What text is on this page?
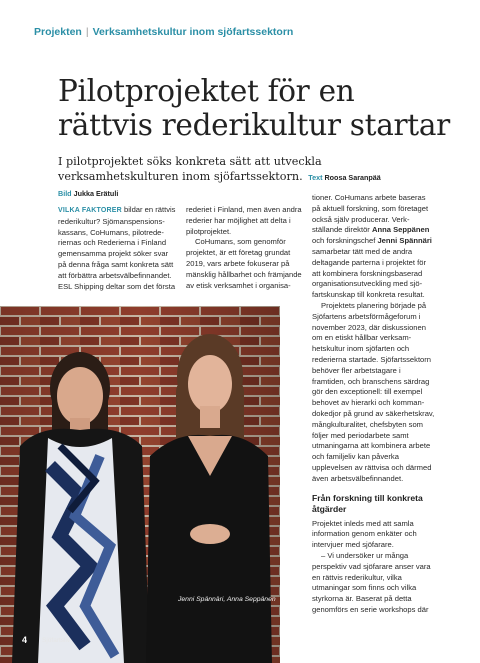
Projekten | Verksamhetskultur inom sjöfartssektorn
Pilotprojektet för en rättvis rederikultur startar
I pilotprojektet söks konkreta sätt att utveckla verksamhetskulturen inom sjöfartssektorn. Text Roosa Saranpää Bild Jukka Erätuli

VILKA FAKTORER bildar en rättvis rederikultur? Sjömanspensionskassans, CoHumans, pilotrederiernas och Rederierna i Finland gemensamma projekt söker svar på denna fråga samt konkreta sätt att förbättra arbetsvälbefinnandet. ESL Shipping deltar som det första

rederiet i Finland, men även andra rederier har möjlighet att delta i pilotprojektet.

CoHumans, som genomför projektet, är ett företag grundat 2019, vars arbete fokuserar på mänsklig hållbarhet och främjande av etisk verksamhet i organisa-

tioner. CoHumans arbete baseras på aktuell forskning, som företaget också själv producerar. Verkställande direktör Anna Seppänen och forskningschef Jenni Spännäri samarbetar tätt med de andra deltagande parterna i projektet för att kombinera forskningsbaserad organisationsutveckling med sjöfartskunskap till konkreta resultat.

Projektets planering började på Sjöfartens arbetsförmågeforum i november 2023, där diskussionen om en etiskt hållbar verksamhetskultur inom sjöfarten och rederierna startade. Sjöfartssektorn behöver fler arbetstagare i framtiden, och branschens särdrag gör den exceptionell: till exempel behovet av hierarki och kommandokedjor på grund av säkerhetskrav, mångkulturalitet, chefsbyten som följer med periodarbete samt utmaningarna att kombinera arbete och familjeliv kan påverka upplevelsen av rättvisa och därmed även arbetsvälbefinnandet.

Från forskning till konkreta åtgärder

Projektet inleds med att samla information genom enkäter och intervjuer med sjöfarare.

– Vi undersöker ur många perspektiv vad sjöfarare anser vara en rättvis rederikultur, vilka utmaningar som finns och vilka styrkorna är. Baserat på detta genomförs en serie workshops där

Jenni Spännäri, Anna Seppänen
4 Sjöfartsliv
